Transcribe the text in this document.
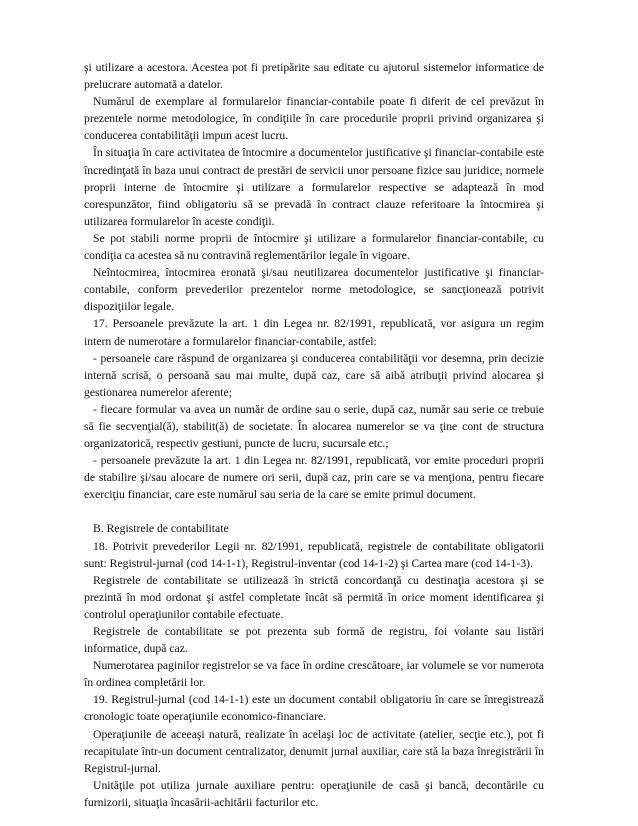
şi utilizare a acestora. Acestea pot fi pretipărite sau editate cu ajutorul sistemelor informatice de prelucrare automată a datelor.

Numărul de exemplare al formularelor financiar-contabile poate fi diferit de cel prevăzut în prezentele norme metodologice, în condiţiile în care procedurile proprii privind organizarea şi conducerea contabilităţii impun acest lucru.

În situaţia în care activitatea de întocmire a documentelor justificative şi financiar-contabile este încredinţată în baza unui contract de prestări de servicii unor persoane fizice sau juridice, normele proprii interne de întocmire şi utilizare a formularelor respective se adaptează în mod corespunzător, fiind obligatoriu să se prevadă în contract clauze referitoare la întocmirea şi utilizarea formularelor în aceste condiţii.

Se pot stabili norme proprii de întocmire şi utilizare a formularelor financiar-contabile, cu condiţia ca acestea să nu contravină reglementărilor legale în vigoare.

Neîntocmirea, întocmirea eronată şi/sau neutilizarea documentelor justificative şi financiar-contabile, conform prevederilor prezentelor norme metodologice, se sancţionează potrivit dispoziţiilor legale.

17. Persoanele prevăzute la art. 1 din Legea nr. 82/1991, republicată, vor asigura un regim intern de numerotare a formularelor financiar-contabile, astfel:

- persoanele care răspund de organizarea şi conducerea contabilităţii vor desemna, prin decizie internă scrisă, o persoană sau mai multe, după caz, care să aibă atribuţii privind alocarea şi gestionarea numerelor aferente;

- fiecare formular va avea un număr de ordine sau o serie, după caz, număr sau serie ce trebuie să fie secvenţial(ă), stabilit(ă) de societate. În alocarea numerelor se va ţine cont de structura organizatorică, respectiv gestiuni, puncte de lucru, sucursale etc.;

- persoanele prevăzute la art. 1 din Legea nr. 82/1991, republicată, vor emite proceduri proprii de stabilire şi/sau alocare de numere ori serii, după caz, prin care se va menţiona, pentru fiecare exerciţiu financiar, care este numărul sau seria de la care se emite primul document.

B. Registrele de contabilitate

18. Potrivit prevederilor Legii nr. 82/1991, republicată, registrele de contabilitate obligatorii sunt: Registrul-jurnal (cod 14-1-1), Registrul-inventar (cod 14-1-2) şi Cartea mare (cod 14-1-3).

Registrele de contabilitate se utilizează în strictă concordanţă cu destinaţia acestora şi se prezintă în mod ordonat şi astfel completate încât să permită în orice moment identificarea şi controlul operaţiunilor contabile efectuate.

Registrele de contabilitate se pot prezenta sub formă de registru, foi volante sau listări informatice, după caz.

Numerotarea paginilor registrelor se va face în ordine crescătoare, iar volumele se vor numerota în ordinea completării lor.

19. Registrul-jurnal (cod 14-1-1) este un document contabil obligatoriu în care se înregistrează cronologic toate operaţiunile economico-financiare.

Operaţiunile de aceeaşi natură, realizate în acelaşi loc de activitate (atelier, secţie etc.), pot fi recapitulate într-un document centralizator, denumit jurnal auxiliar, care stă la baza înregistrării în Registrul-jurnal.

Unităţile pot utiliza jurnale auxiliare pentru: operaţiunile de casă şi bancă, decontările cu furnizorii, situaţia încasării-achitării facturilor etc.
